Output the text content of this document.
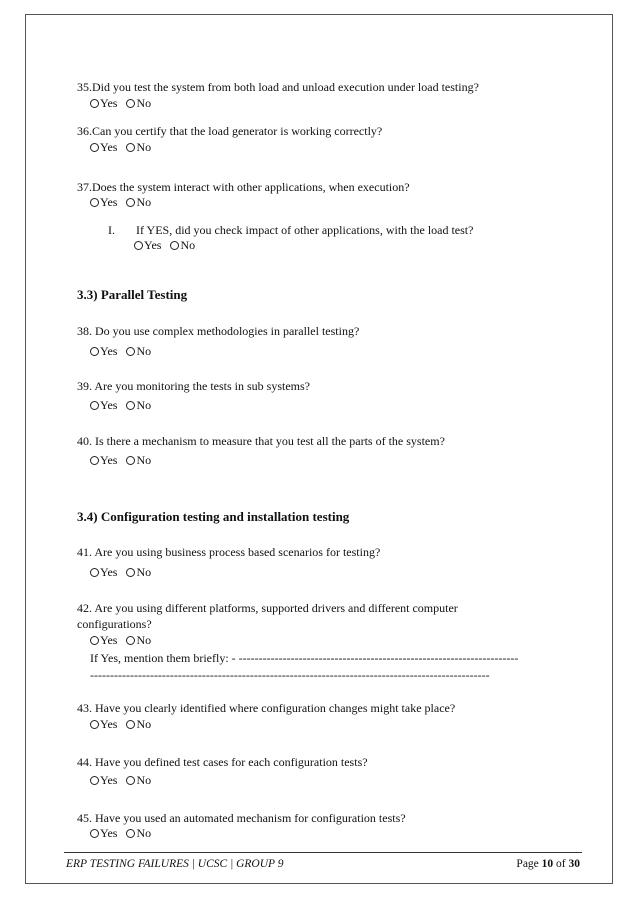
35.Did you test the system from both load and unload execution under load testing?
Yes No
36.Can you certify that the load generator is working correctly?
Yes No
37.Does the system interact with other applications, when execution?
Yes No
I. If YES, did you check impact of other applications, with the load test?
Yes No
3.3) Parallel Testing
38. Do you use complex methodologies in parallel testing?
Yes No
39. Are you monitoring the tests in sub systems?
Yes No
40. Is there a mechanism to measure that you test all the parts of the system?
Yes No
3.4) Configuration testing and installation testing
41. Are you using business process based scenarios for testing?
Yes No
42. Are you using different platforms, supported drivers and different computer
configurations?
Yes No
If Yes, mention them briefly: - ----------------------------------------------------------------------
----------------------------------------------------------------------------------------------------
43. Have you clearly identified where configuration changes might take place?
Yes No
44. Have you defined test cases for each configuration tests?
Yes No
45. Have you used an automated mechanism for configuration tests?
Yes No
ERP TESTING FAILURES | UCSC | GROUP 9	Page 10 of 30
